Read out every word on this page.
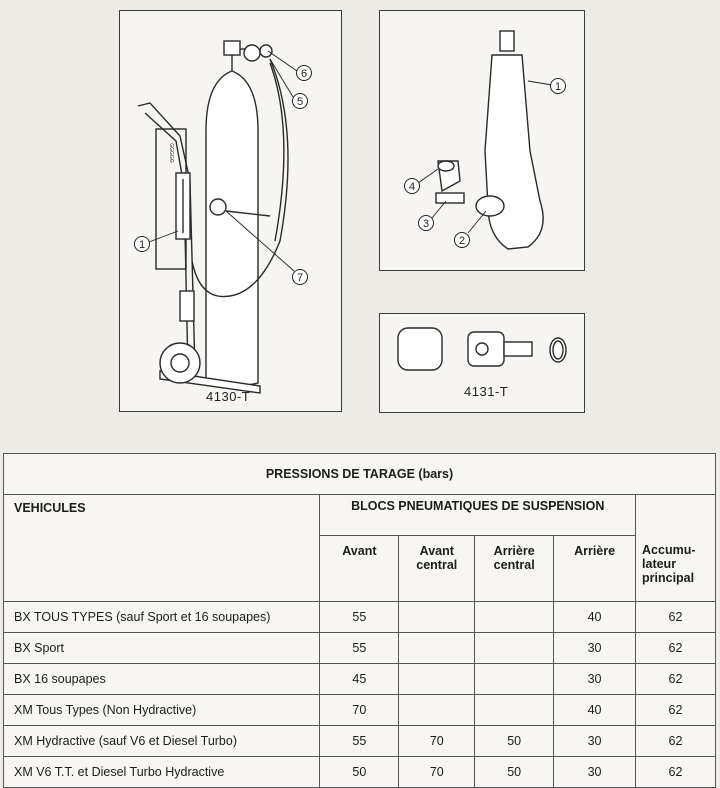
1
5
6
7
GGGGG
4130-T
1
2
3
4
4131-T
PRESSIONS DE TARAGE (bars)					
VEHICULES	BLOCS PNEUMATIQUES DE SUSPENSION				
	Avant	Avant central	Arrière central	Arrière	Accumu-lateur principal
BX TOUS TYPES (sauf Sport et 16 soupapes)	55			40	62
BX Sport	55			30	62
BX 16 soupapes	45			30	62
XM Tous Types (Non Hydractive)	70			40	62
XM Hydractive (sauf V6 et Diesel Turbo)	55	70	50	30	62
XM V6 T.T. et Diesel Turbo Hydractive	50	70	50	30	62
